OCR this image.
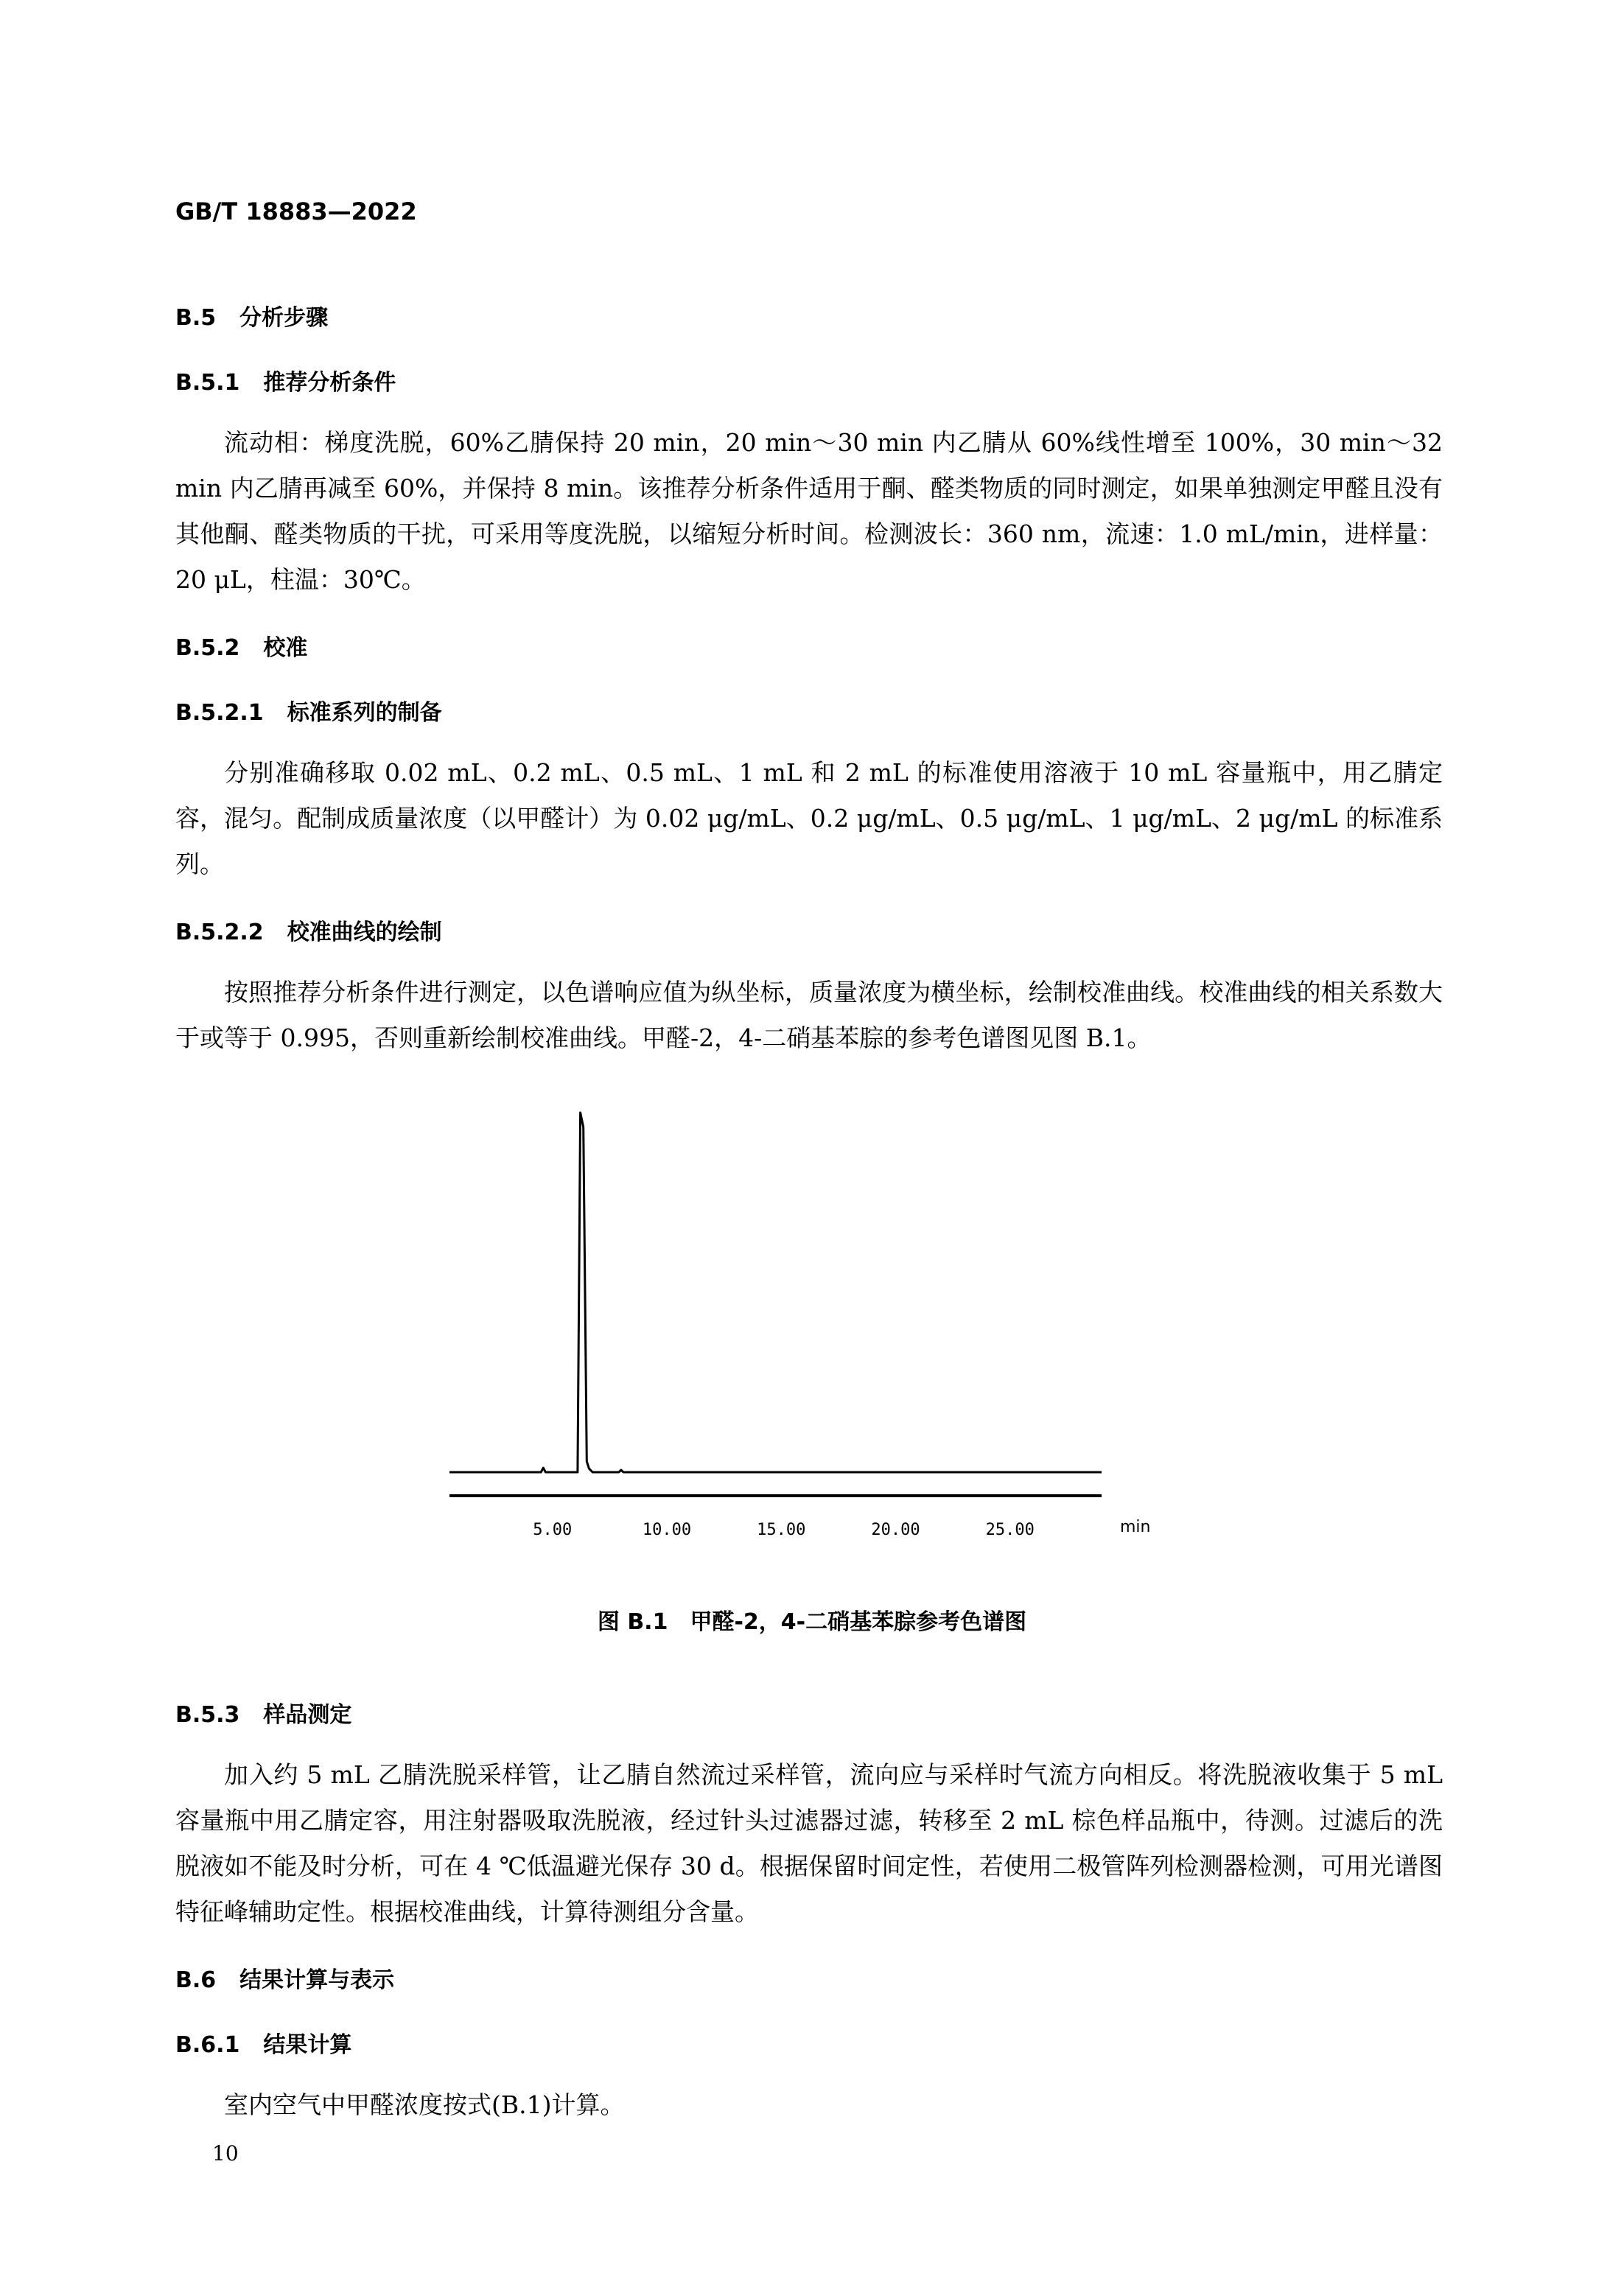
GB/T 18883—2022
B.5 分析步骤
B.5.1 推荐分析条件
流动相：梯度洗脱，60%乙腈保持 20 min，20 min～30 min 内乙腈从 60%线性增至 100%，30 min～32 min 内乙腈再减至 60%，并保持 8 min。该推荐分析条件适用于酮、醛类物质的同时测定，如果单独测定甲醛且没有其他酮、醛类物质的干扰，可采用等度洗脱，以缩短分析时间。检测波长：360 nm，流速：1.0 mL/min，进样量：20 μL，柱温：30℃。
B.5.2 校准
B.5.2.1 标准系列的制备
分别准确移取 0.02 mL、0.2 mL、0.5 mL、1 mL 和 2 mL 的标准使用溶液于 10 mL 容量瓶中，用乙腈定容，混匀。配制成质量浓度（以甲醛计）为 0.02 μg/mL、0.2 μg/mL、0.5 μg/mL、1 μg/mL、2 μg/mL 的标准系列。
B.5.2.2 校准曲线的绘制
按照推荐分析条件进行测定，以色谱响应值为纵坐标，质量浓度为横坐标，绘制校准曲线。校准曲线的相关系数大于或等于 0.995，否则重新绘制校准曲线。甲醛-2，4-二硝基苯腙的参考色谱图见图 B.1。
5.00	10.00	15.00	20.00	25.00	min
图 B.1 甲醛-2，4-二硝基苯腙参考色谱图
B.5.3 样品测定
加入约 5 mL 乙腈洗脱采样管，让乙腈自然流过采样管，流向应与采样时气流方向相反。将洗脱液收集于 5 mL 容量瓶中用乙腈定容，用注射器吸取洗脱液，经过针头过滤器过滤，转移至 2 mL 棕色样品瓶中，待测。过滤后的洗脱液如不能及时分析，可在 4 ℃低温避光保存 30 d。根据保留时间定性，若使用二极管阵列检测器检测，可用光谱图特征峰辅助定性。根据校准曲线，计算待测组分含量。
B.6 结果计算与表示
B.6.1 结果计算
室内空气中甲醛浓度按式(B.1)计算。
10
